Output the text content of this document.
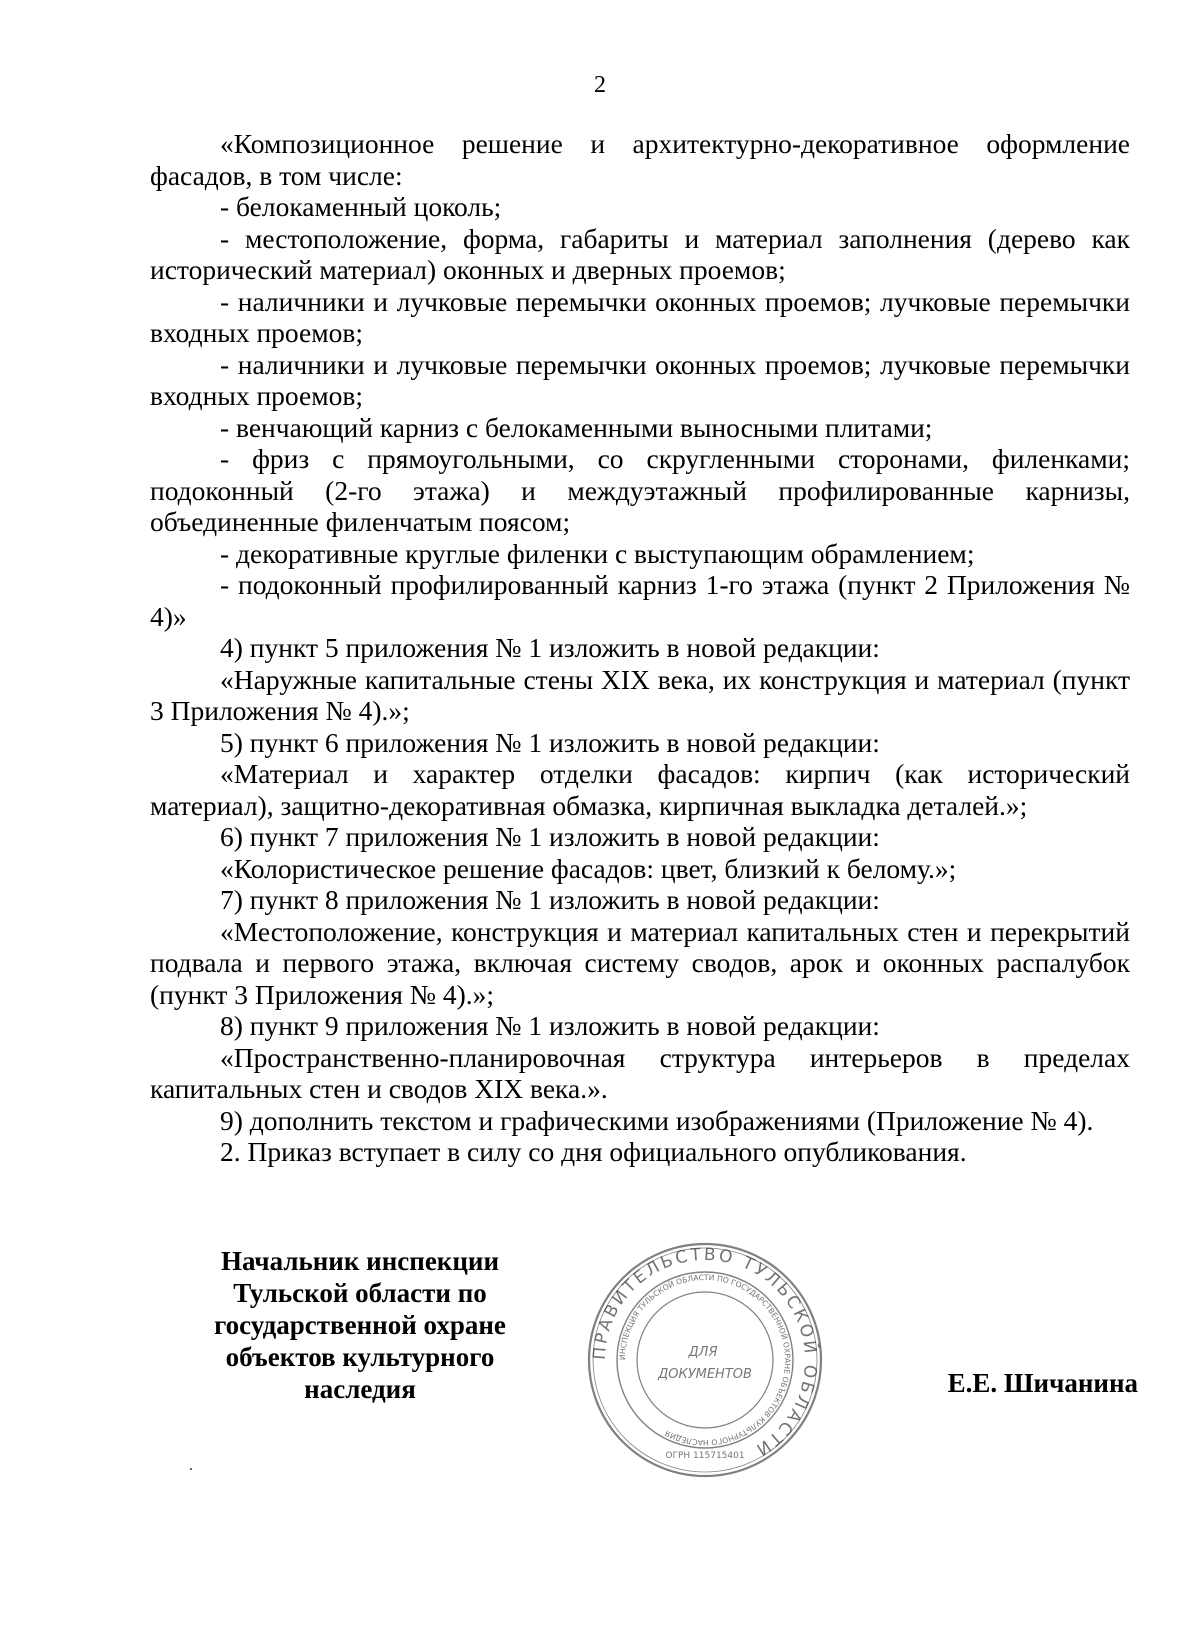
2

«Композиционное решение и архитектурно-декоративное оформление фасадов, в том числе:

- белокаменный цоколь;

- местоположение, форма, габариты и материал заполнения (дерево как исторический материал) оконных и дверных проемов;

- наличники и лучковые перемычки оконных проемов; лучковые перемычки входных проемов;

- наличники и лучковые перемычки оконных проемов; лучковые перемычки входных проемов;

- венчающий карниз с белокаменными выносными плитами;

- фриз с прямоугольными, со скругленными сторонами, филенками; подоконный (2-го этажа) и междуэтажный профилированные карнизы, объединенные филенчатым поясом;

- декоративные круглые филенки с выступающим обрамлением;

- подоконный профилированный карниз 1-го этажа (пункт 2 Приложения № 4)»

4) пункт 5 приложения № 1 изложить в новой редакции:

«Наружные капитальные стены XIX века, их конструкция и материал (пункт 3 Приложения № 4).»;

5) пункт 6 приложения № 1 изложить в новой редакции:

«Материал и характер отделки фасадов: кирпич (как исторический материал), защитно-декоративная обмазка, кирпичная выкладка деталей.»;

6) пункт 7 приложения № 1 изложить в новой редакции:

«Колористическое решение фасадов: цвет, близкий к белому.»;

7) пункт 8 приложения № 1 изложить в новой редакции:

«Местоположение, конструкция и материал капитальных стен и перекрытий подвала и первого этажа, включая систему сводов, арок и оконных распалубок (пункт 3 Приложения № 4).»;

8) пункт 9 приложения № 1 изложить в новой редакции:

«Пространственно-планировочная структура интерьеров в пределах капитальных стен и сводов XIX века.».

9) дополнить текстом и графическими изображениями (Приложение № 4).

2. Приказ вступает в силу со дня официального опубликования.

Начальник инспекции
Тульской области по
государственной охране
объектов культурного
наследия
ПРАВИТЕЛЬСТВО ТУЛЬСКОЙ ОБЛАСТИ
ИНСПЕКЦИЯ ТУЛЬСКОЙ ОБЛАСТИ ПО ГОСУДАРСТВЕННОЙ ОХРАНЕ ОБЪЕКТОВ КУЛЬТУРНОГО НАСЛЕДИЯ
ДЛЯ
ДОКУМЕНТОВ
ОГРН 115715401
Е.Е. Шичанина
